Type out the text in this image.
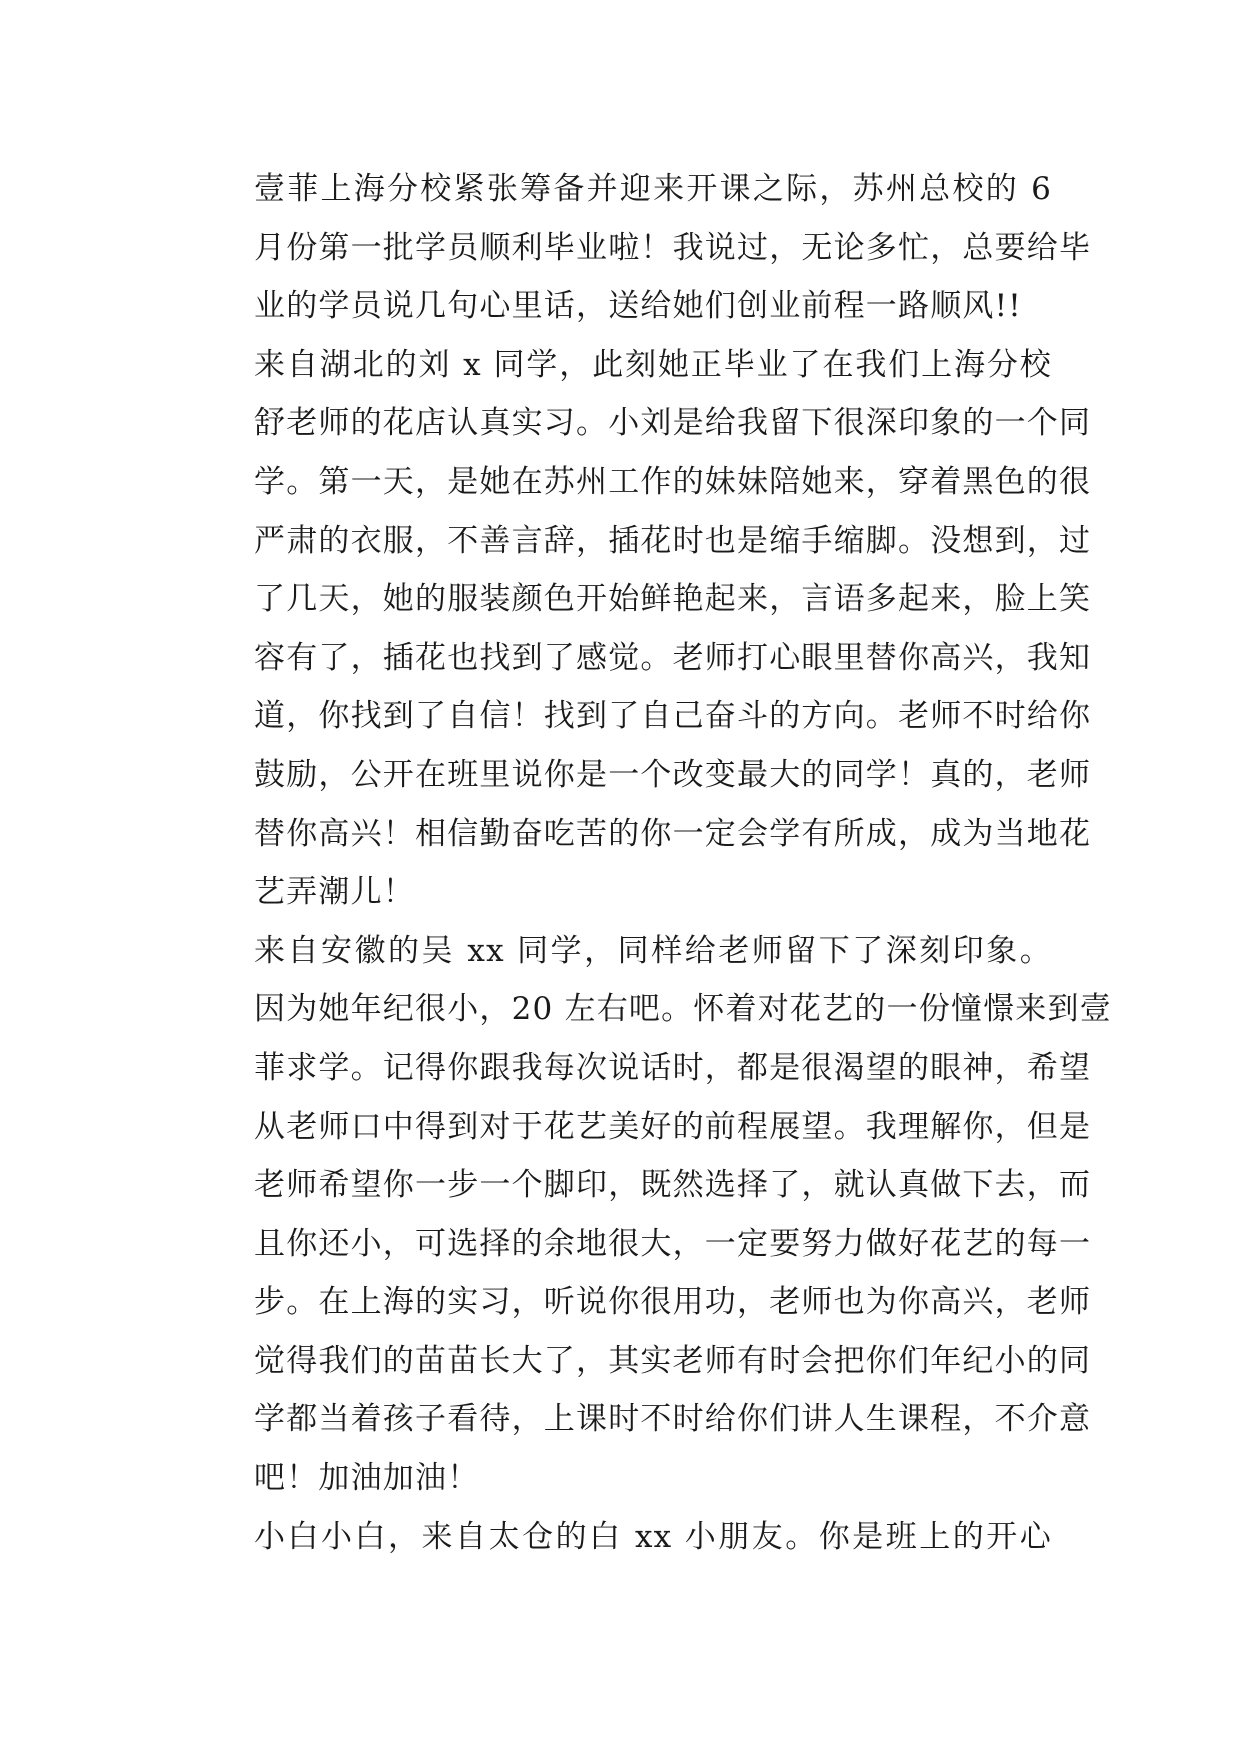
壹菲上海分校紧张筹备并迎来开课之际，苏州总校的 6
月份第一批学员顺利毕业啦！我说过，无论多忙，总要给毕
业的学员说几句心里话，送给她们创业前程一路顺风!!
来自湖北的刘 x 同学，此刻她正毕业了在我们上海分校
舒老师的花店认真实习。小刘是给我留下很深印象的一个同
学。第一天，是她在苏州工作的妹妹陪她来，穿着黑色的很
严肃的衣服，不善言辞，插花时也是缩手缩脚。没想到，过
了几天，她的服装颜色开始鲜艳起来，言语多起来，脸上笑
容有了，插花也找到了感觉。老师打心眼里替你高兴，我知
道，你找到了自信！找到了自己奋斗的方向。老师不时给你
鼓励，公开在班里说你是一个改变最大的同学！真的，老师
替你高兴！相信勤奋吃苦的你一定会学有所成，成为当地花
艺弄潮儿！
来自安徽的吴 xx 同学，同样给老师留下了深刻印象。
因为她年纪很小，20 左右吧。怀着对花艺的一份憧憬来到壹
菲求学。记得你跟我每次说话时，都是很渴望的眼神，希望
从老师口中得到对于花艺美好的前程展望。我理解你，但是
老师希望你一步一个脚印，既然选择了，就认真做下去，而
且你还小，可选择的余地很大，一定要努力做好花艺的每一
步。在上海的实习，听说你很用功，老师也为你高兴，老师
觉得我们的苗苗长大了，其实老师有时会把你们年纪小的同
学都当着孩子看待，上课时不时给你们讲人生课程，不介意
吧！加油加油！
小白小白，来自太仓的白 xx 小朋友。你是班上的开心
